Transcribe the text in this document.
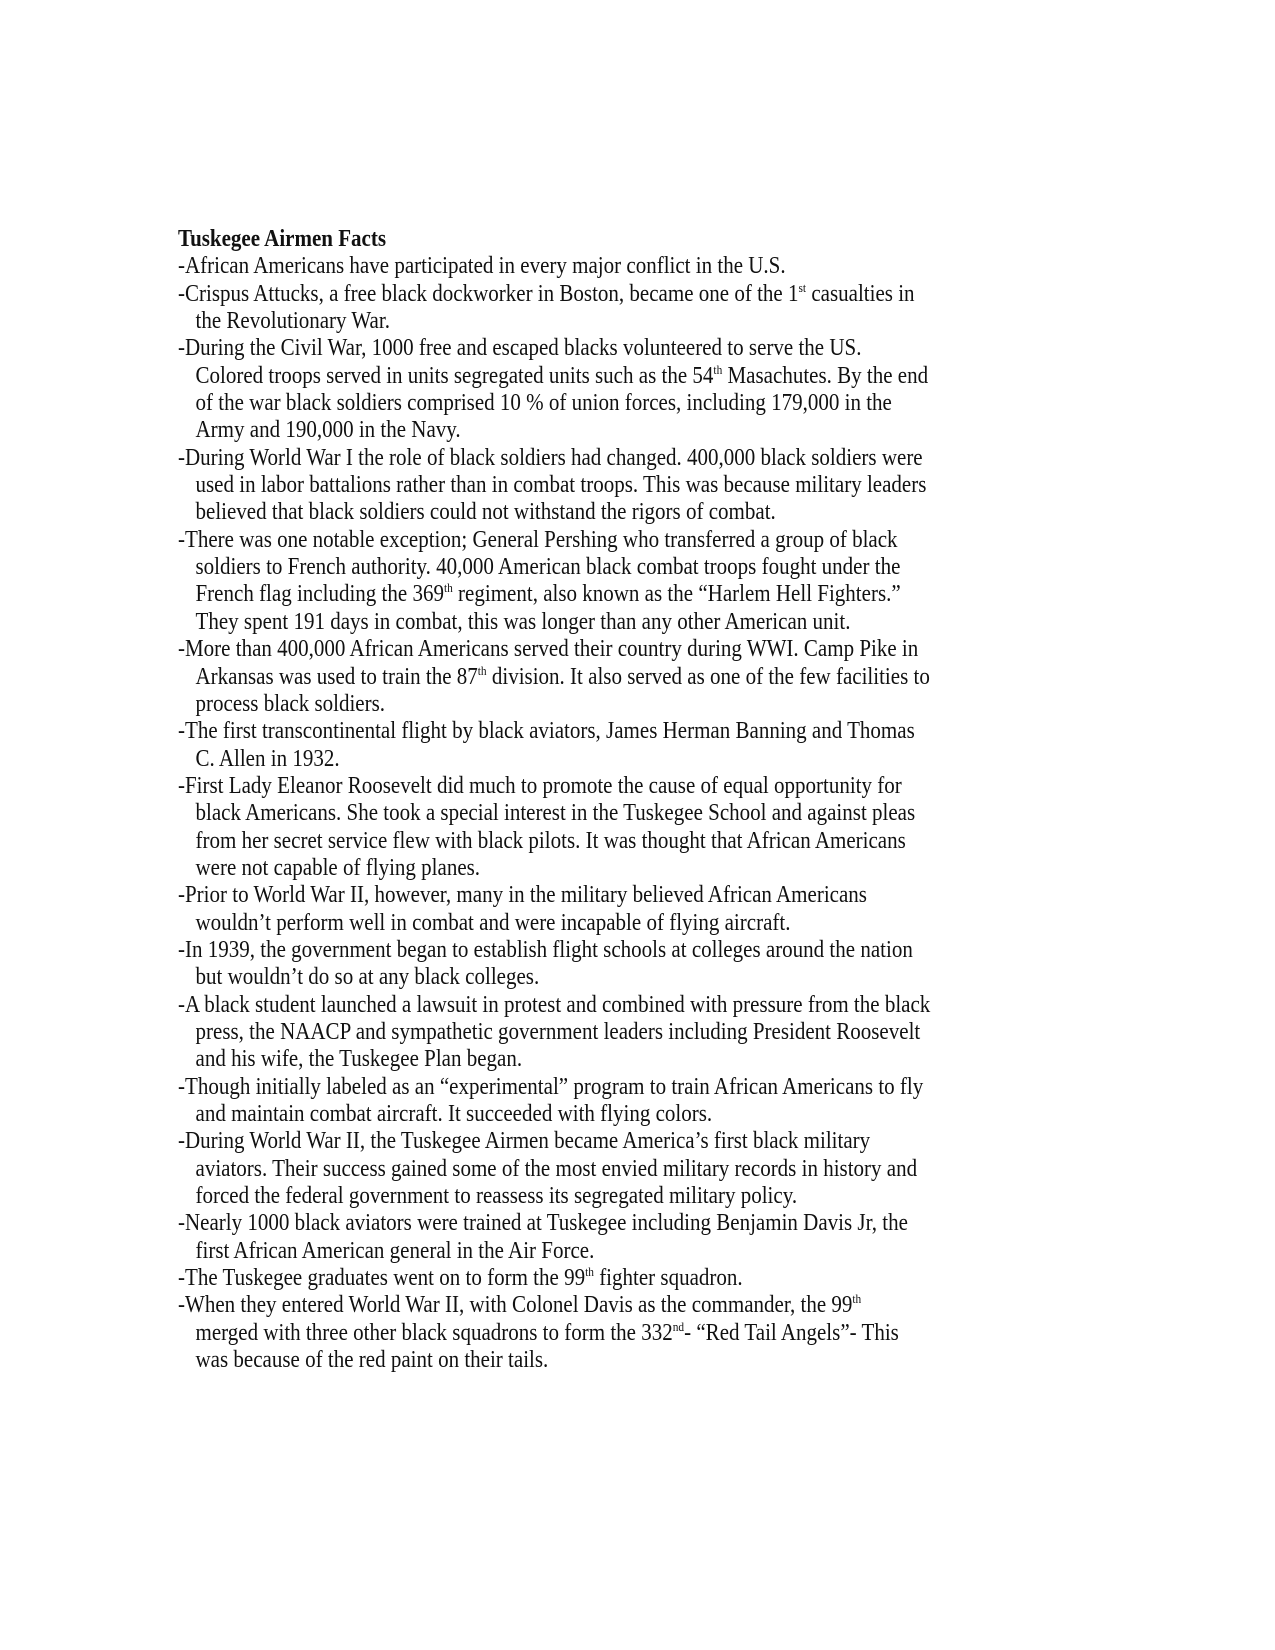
Tuskegee Airmen Facts
-African Americans have participated in every major conflict in the U.S.
-Crispus Attucks, a free black dockworker in Boston, became one of the 1st casualties in
the Revolutionary War.
-During the Civil War, 1000 free and escaped blacks volunteered to serve the US.
Colored troops served in units segregated units such as the 54th Masachutes. By the end
of the war black soldiers comprised 10 % of union forces, including 179,000 in the
Army and 190,000 in the Navy.
-During World War I the role of black soldiers had changed. 400,000 black soldiers were
used in labor battalions rather than in combat troops. This was because military leaders
believed that black soldiers could not withstand the rigors of combat.
-There was one notable exception; General Pershing who transferred a group of black
soldiers to French authority. 40,000 American black combat troops fought under the
French flag including the 369th regiment, also known as the “Harlem Hell Fighters.”
They spent 191 days in combat, this was longer than any other American unit.
-More than 400,000 African Americans served their country during WWI. Camp Pike in
Arkansas was used to train the 87th division. It also served as one of the few facilities to
process black soldiers.
-The first transcontinental flight by black aviators, James Herman Banning and Thomas
C. Allen in 1932.
-First Lady Eleanor Roosevelt did much to promote the cause of equal opportunity for
black Americans. She took a special interest in the Tuskegee School and against pleas
from her secret service flew with black pilots. It was thought that African Americans
were not capable of flying planes.
-Prior to World War II, however, many in the military believed African Americans
wouldn’t perform well in combat and were incapable of flying aircraft.
-In 1939, the government began to establish flight schools at colleges around the nation
but wouldn’t do so at any black colleges.
-A black student launched a lawsuit in protest and combined with pressure from the black
press, the NAACP and sympathetic government leaders including President Roosevelt
and his wife, the Tuskegee Plan began.
-Though initially labeled as an “experimental” program to train African Americans to fly
and maintain combat aircraft. It succeeded with flying colors.
-During World War II, the Tuskegee Airmen became America’s first black military
aviators. Their success gained some of the most envied military records in history and
forced the federal government to reassess its segregated military policy.
-Nearly 1000 black aviators were trained at Tuskegee including Benjamin Davis Jr, the
first African American general in the Air Force.
-The Tuskegee graduates went on to form the 99th fighter squadron.
-When they entered World War II, with Colonel Davis as the commander, the 99th
merged with three other black squadrons to form the 332nd- “Red Tail Angels”- This
was because of the red paint on their tails.
